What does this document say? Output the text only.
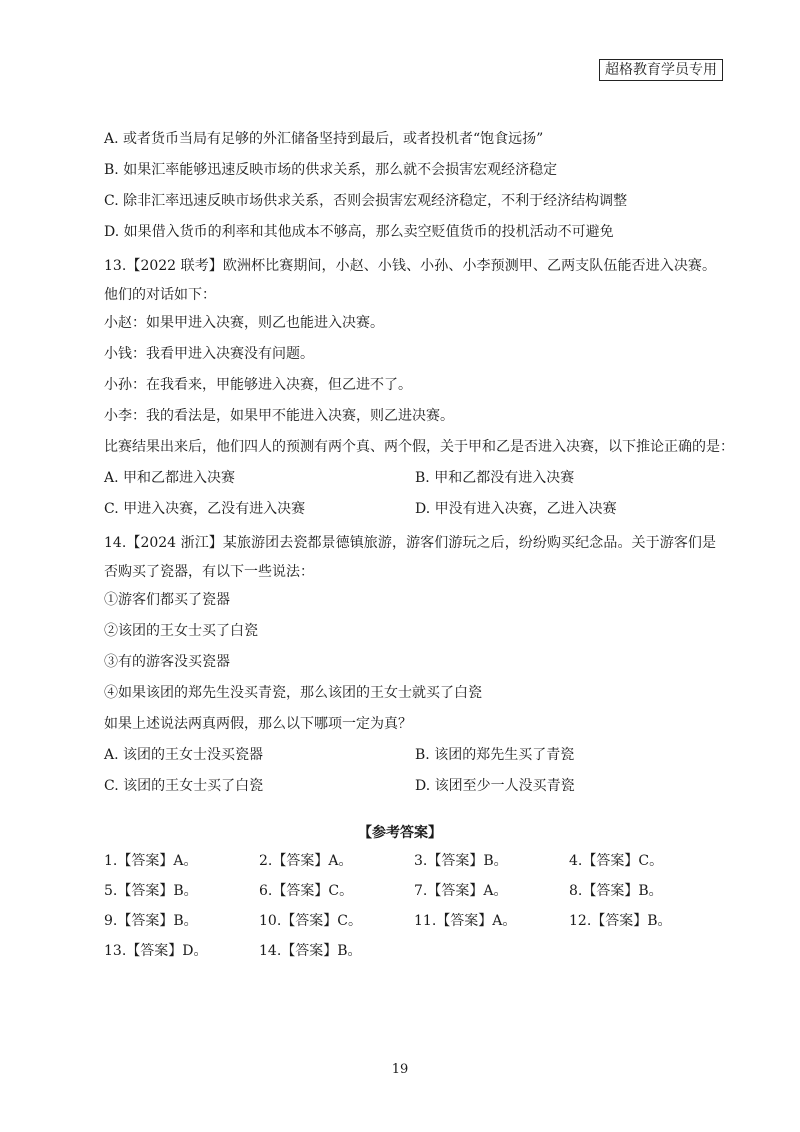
超格教育学员专用
A. 或者货币当局有足够的外汇储备坚持到最后，或者投机者“饱食远扬”
B. 如果汇率能够迅速反映市场的供求关系，那么就不会损害宏观经济稳定
C. 除非汇率迅速反映市场供求关系，否则会损害宏观经济稳定，不利于经济结构调整
D. 如果借入货币的利率和其他成本不够高，那么卖空贬值货币的投机活动不可避免
13.【2022 联考】欧洲杯比赛期间，小赵、小钱、小孙、小李预测甲、乙两支队伍能否进入决赛。他们的对话如下：
小赵：如果甲进入决赛，则乙也能进入决赛。
小钱：我看甲进入决赛没有问题。
小孙：在我看来，甲能够进入决赛，但乙进不了。
小李：我的看法是，如果甲不能进入决赛，则乙进决赛。
比赛结果出来后，他们四人的预测有两个真、两个假，关于甲和乙是否进入决赛，以下推论正确的是：
A. 甲和乙都进入决赛	B. 甲和乙都没有进入决赛
C. 甲进入决赛，乙没有进入决赛	D. 甲没有进入决赛，乙进入决赛
14.【2024 浙江】某旅游团去瓷都景德镇旅游，游客们游玩之后，纷纷购买纪念品。关于游客们是否购买了瓷器，有以下一些说法：
①游客们都买了瓷器
②该团的王女士买了白瓷
③有的游客没买瓷器
④如果该团的郑先生没买青瓷，那么该团的王女士就买了白瓷
如果上述说法两真两假，那么以下哪项一定为真？
A. 该团的王女士没买瓷器	B. 该团的郑先生买了青瓷
C. 该团的王女士买了白瓷	D. 该团至少一人没买青瓷
【参考答案】
1.【答案】A。	2.【答案】A。	3.【答案】B。	4.【答案】C。
5.【答案】B。	6.【答案】C。	7.【答案】A。	8.【答案】B。
9.【答案】B。	10.【答案】C。	11.【答案】A。	12.【答案】B。
13.【答案】D。	14.【答案】B。
19
